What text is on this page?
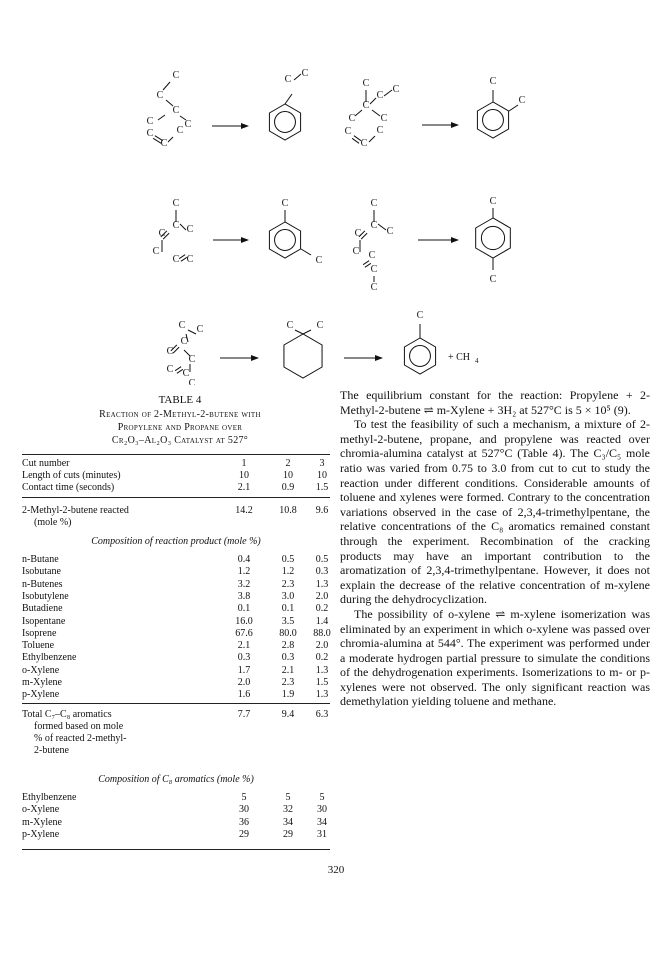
C
C
C
C	C
C
C
C
C
C
C
C
C
C
C	C
C
C
C
C
C
C
C C
C
C
C C
C
C
C
C
C
C
C C
C
C
C
C
C C
C
C
C
C C
C
C C
C
+ CH 4
TABLE 4
Reaction of 2-Methyl-2-butene with
Propylene and Propane over
Cr₂O₃–Al₂O₃ Catalyst at 527°
Cut number	1	2	3
Length of cuts (minutes)	10	10	10
Contact time (seconds)	2.1	0.9	1.5
2-Methyl-2-butene reacted	14.2	10.8	9.6
(mole %)
Composition of reaction product (mole %)
n-Butane	0.4	0.5	0.5
Isobutane	1.2	1.2	0.3
n-Butenes	3.2	2.3	1.3
Isobutylene	3.8	3.0	2.0
Butadiene	0.1	0.1	0.2
Isopentane	16.0	3.5	1.4
Isoprene	67.6	80.0	88.0
Toluene	2.1	2.8	2.0
Ethylbenzene	0.3	0.3	0.2
o-Xylene	1.7	2.1	1.3
m-Xylene	2.0	2.3	1.5
p-Xylene	1.6	1.9	1.3
Total C₇–C₈ aromatics	7.7	9.4	6.3
formed based on mole
% of reacted 2-methyl-
2-butene
Composition of C₈ aromatics (mole %)
Ethylbenzene	5	5	5
o-Xylene	30	32	30
m-Xylene	36	34	34
p-Xylene	29	29	31

The equilibrium constant for the reaction: Propylene + 2-Methyl-2-butene ⇌ m-Xylene + 3H₂ at 527°C is 5 × 10⁵ (9).

To test the feasibility of such a mechanism, a mixture of 2-methyl-2-butene, propane, and propylene was reacted over chromia-alumina catalyst at 527°C (Table 4). The C₃/C₅ mole ratio was varied from 0.75 to 3.0 from cut to cut to study the reaction under different conditions. Considerable amounts of toluene and xylenes were formed. Contrary to the concentration variations observed in the case of 2,3,4-trimethylpentane, the relative concentrations of the C₈ aromatics remained constant through the experiment. Recombination of the cracking products may have an important contribution to the aromatization of 2,3,4-trimethylpentane. However, it does not explain the decrease of the relative concentration of m-xylene during the dehydrocyclization.

The possibility of o-xylene ⇌ m-xylene isomerization was eliminated by an experiment in which o-xylene was passed over chromia-alumina at 544°. The experiment was performed under a moderate hydrogen partial pressure to simulate the conditions of the dehydrogenation experiments. Isomerizations to m- or p-xylenes were not observed. The only significant reaction was demethylation yielding toluene and methane.

320
